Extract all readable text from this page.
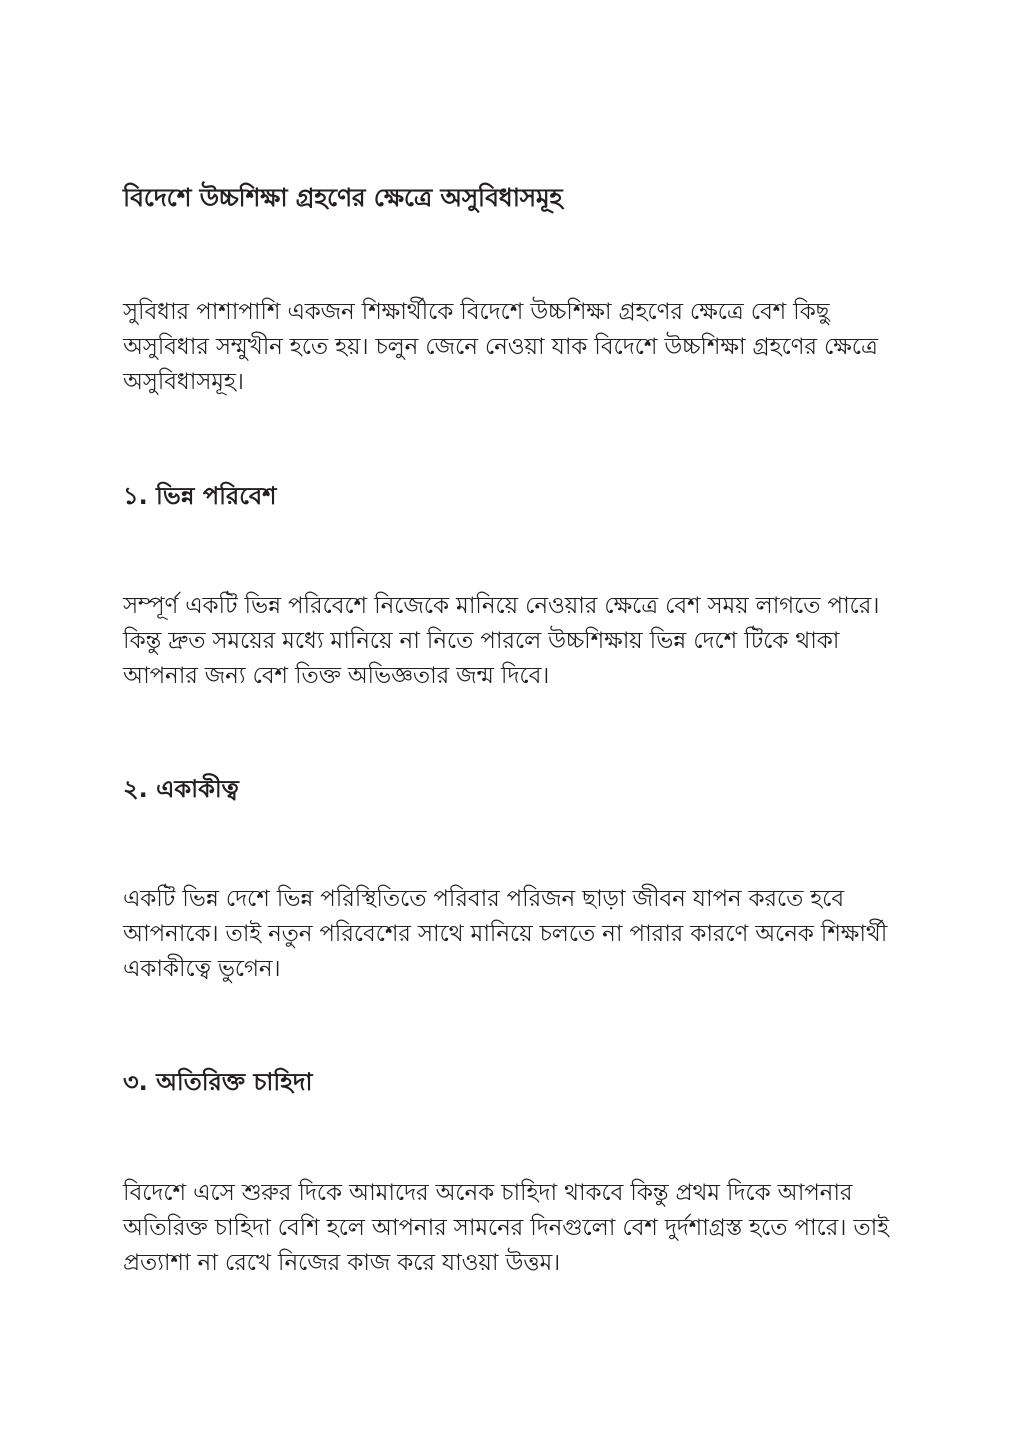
বিদেশে উচ্চশিক্ষা গ্রহণের ক্ষেত্রে অসুবিধাসমূহ

সুবিধার পাশাপাশি একজন শিক্ষার্থীকে বিদেশে উচ্চশিক্ষা গ্রহণের ক্ষেত্রে বেশ কিছু অসুবিধার সম্মুখীন হতে হয়। চলুন জেনে নেওয়া যাক বিদেশে উচ্চশিক্ষা গ্রহণের ক্ষেত্রে অসুবিধাসমূহ।

১. ভিন্ন পরিবেশ

সম্পূর্ণ একটি ভিন্ন পরিবেশে নিজেকে মানিয়ে নেওয়ার ক্ষেত্রে বেশ সময় লাগতে পারে। কিন্তু দ্রুত সময়ের মধ্যে মানিয়ে না নিতে পারলে উচ্চশিক্ষায় ভিন্ন দেশে টিকে থাকা আপনার জন্য বেশ তিক্ত অভিজ্ঞতার জন্ম দিবে।

২. একাকীত্ব

একটি ভিন্ন দেশে ভিন্ন পরিস্থিতিতে পরিবার পরিজন ছাড়া জীবন যাপন করতে হবে আপনাকে। তাই নতুন পরিবেশের সাথে মানিয়ে চলতে না পারার কারণে অনেক শিক্ষার্থী একাকীত্বে ভুগেন।

৩. অতিরিক্ত চাহিদা

বিদেশে এসে শুরুর দিকে আমাদের অনেক চাহিদা থাকবে কিন্তু প্রথম দিকে আপনার অতিরিক্ত চাহিদা বেশি হলে আপনার সামনের দিনগুলো বেশ দুর্দশাগ্রস্ত হতে পারে। তাই প্রত্যাশা না রেখে নিজের কাজ করে যাওয়া উত্তম।
